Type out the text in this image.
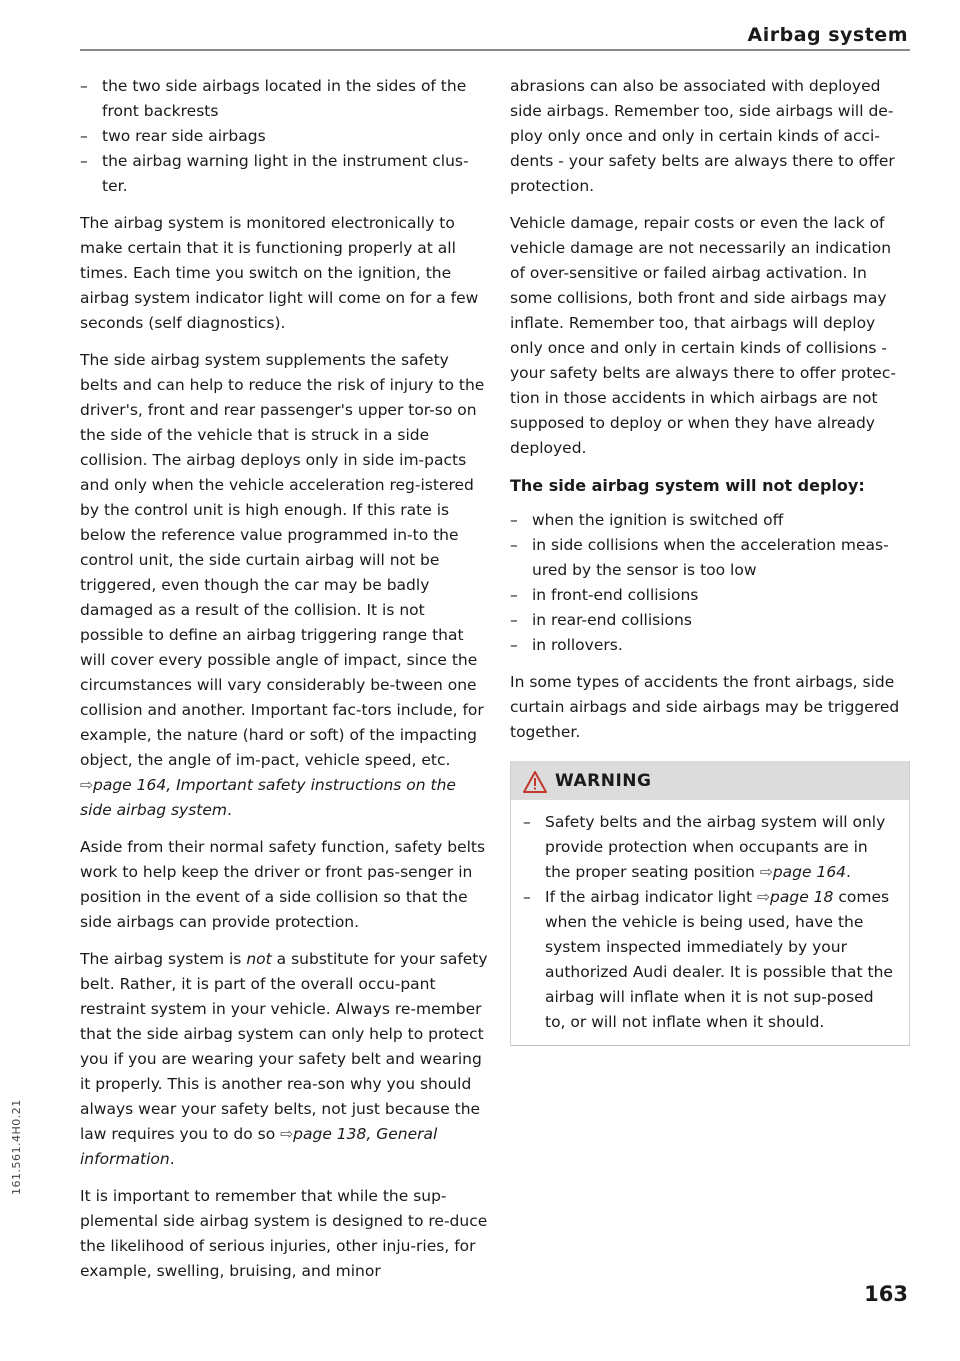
Airbag system
– the two side airbags located in the sides of the front backrests
– two rear side airbags
– the airbag warning light in the instrument clus-ter.

The airbag system is monitored electronically to make certain that it is functioning properly at all times. Each time you switch on the ignition, the airbag system indicator light will come on for a few seconds (self diagnostics).

The side airbag system supplements the safety belts and can help to reduce the risk of injury to the driver's, front and rear passenger's upper tor-so on the side of the vehicle that is struck in a side collision. The airbag deploys only in side im-pacts and only when the vehicle acceleration reg-istered by the control unit is high enough. If this rate is below the reference value programmed in-to the control unit, the side curtain airbag will not be triggered, even though the car may be badly damaged as a result of the collision. It is not possible to define an airbag triggering range that will cover every possible angle of impact, since the circumstances will vary considerably be-tween one collision and another. Important fac-tors include, for example, the nature (hard or soft) of the impacting object, the angle of im-pact, vehicle speed, etc. ⇨page 164, Important safety instructions on the side airbag system.

Aside from their normal safety function, safety belts work to help keep the driver or front pas-senger in position in the event of a side collision so that the side airbags can provide protection.

The airbag system is not a substitute for your safety belt. Rather, it is part of the overall occu-pant restraint system in your vehicle. Always re-member that the side airbag system can only help to protect you if you are wearing your safety belt and wearing it properly. This is another rea-son why you should always wear your safety belts, not just because the law requires you to do so ⇨page 138, General information.

It is important to remember that while the sup-plemental side airbag system is designed to re-duce the likelihood of serious injuries, other inju-ries, for example, swelling, bruising, and minor

abrasions can also be associated with deployed side airbags. Remember too, side airbags will de-ploy only once and only in certain kinds of acci-dents - your safety belts are always there to offer protection.

Vehicle damage, repair costs or even the lack of vehicle damage are not necessarily an indication of over-sensitive or failed airbag activation. In some collisions, both front and side airbags may inflate. Remember too, that airbags will deploy only once and only in certain kinds of collisions - your safety belts are always there to offer protec-tion in those accidents in which airbags are not supposed to deploy or when they have already deployed.

The side airbag system will not deploy:
– when the ignition is switched off
– in side collisions when the acceleration meas-ured by the sensor is too low
– in front-end collisions
– in rear-end collisions
– in rollovers.

In some types of accidents the front airbags, side curtain airbags and side airbags may be triggered together.

WARNING
– Safety belts and the airbag system will only provide protection when occupants are in the proper seating position ⇨page 164.
– If the airbag indicator light ⇨page 18 comes when the vehicle is being used, have the system inspected immediately by your authorized Audi dealer. It is possible that the airbag will inflate when it is not sup-posed to, or will not inflate when it should.
161.561.4H0.21
163
